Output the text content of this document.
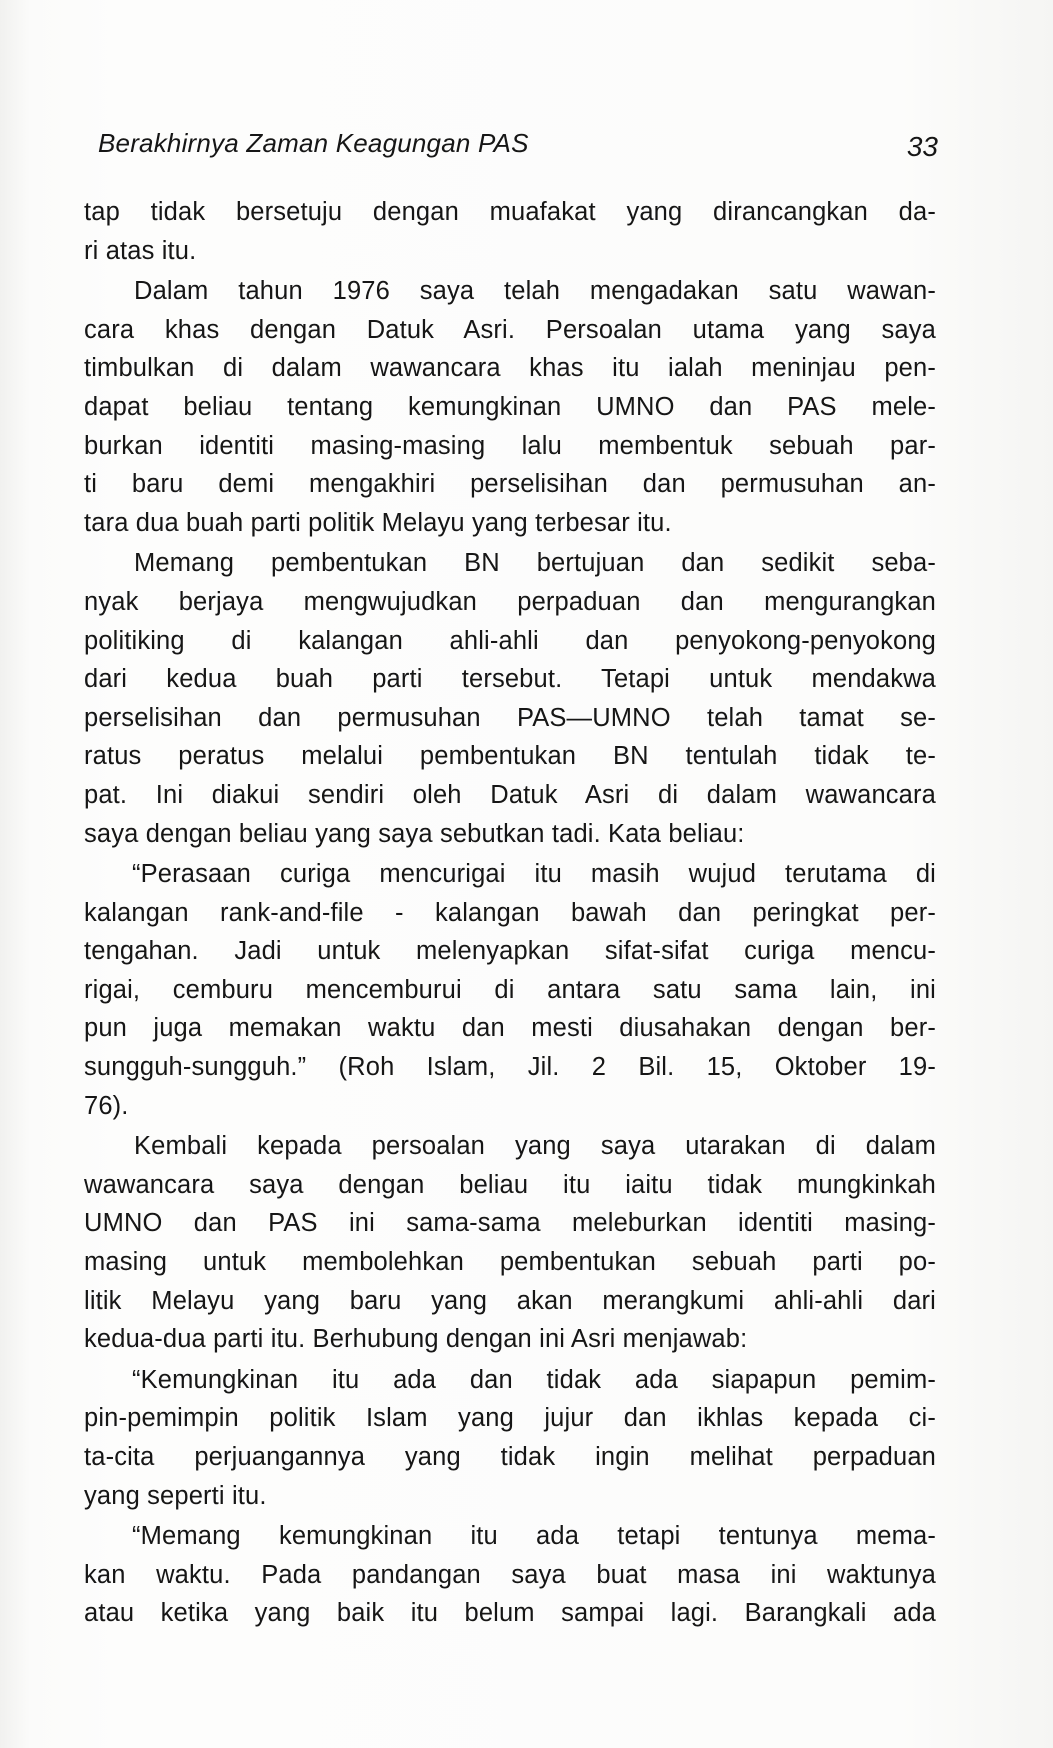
Berakhirnya Zaman Keagungan PAS	33
tap tidak bersetuju dengan muafakat yang dirancangkan da-
ri atas itu.
Dalam tahun 1976 saya telah mengadakan satu wawan-
cara khas dengan Datuk Asri. Persoalan utama yang saya
timbulkan di dalam wawancara khas itu ialah meninjau pen-
dapat beliau tentang kemungkinan UMNO dan PAS mele-
burkan identiti masing-masing lalu membentuk sebuah par-
ti baru demi mengakhiri perselisihan dan permusuhan an-
tara dua buah parti politik Melayu yang terbesar itu.
Memang pembentukan BN bertujuan dan sedikit seba-
nyak berjaya mengwujudkan perpaduan dan mengurangkan
politiking di kalangan ahli-ahli dan penyokong-penyokong
dari kedua buah parti tersebut. Tetapi untuk mendakwa
perselisihan dan permusuhan PAS—UMNO telah tamat se-
ratus peratus melalui pembentukan BN tentulah tidak te-
pat. Ini diakui sendiri oleh Datuk Asri di dalam wawancara
saya dengan beliau yang saya sebutkan tadi. Kata beliau:
“Perasaan curiga mencurigai itu masih wujud terutama di
kalangan rank-and-file - kalangan bawah dan peringkat per-
tengahan. Jadi untuk melenyapkan sifat-sifat curiga mencu-
rigai, cemburu mencemburui di antara satu sama lain, ini
pun juga memakan waktu dan mesti diusahakan dengan ber-
sungguh-sungguh.” (Roh Islam, Jil. 2 Bil. 15, Oktober 19-
76).
Kembali kepada persoalan yang saya utarakan di dalam
wawancara saya dengan beliau itu iaitu tidak mungkinkah
UMNO dan PAS ini sama-sama meleburkan identiti masing-
masing untuk membolehkan pembentukan sebuah parti po-
litik Melayu yang baru yang akan merangkumi ahli-ahli dari
kedua-dua parti itu. Berhubung dengan ini Asri menjawab:
“Kemungkinan itu ada dan tidak ada siapapun pemim-
pin-pemimpin politik Islam yang jujur dan ikhlas kepada ci-
ta-cita perjuangannya yang tidak ingin melihat perpaduan
yang seperti itu.
“Memang kemungkinan itu ada tetapi tentunya mema-
kan waktu. Pada pandangan saya buat masa ini waktunya
atau ketika yang baik itu belum sampai lagi. Barangkali ada
